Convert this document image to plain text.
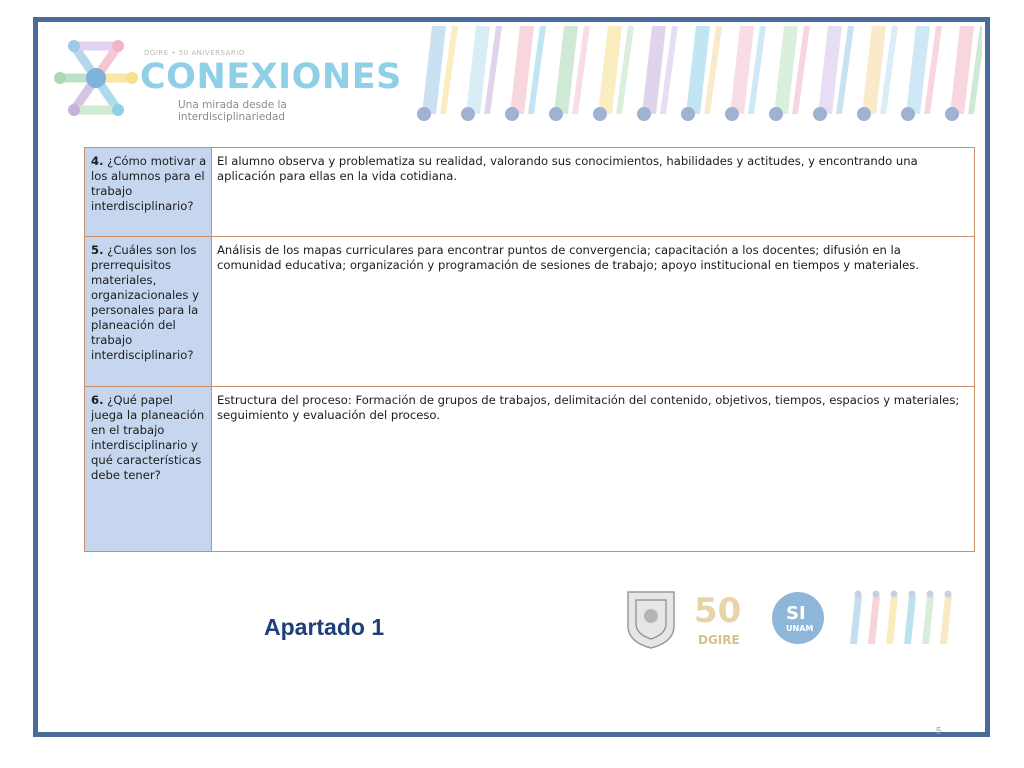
DGIRE • 50 ANIVERSARIO
CONEXIONES
Una mirada desde la interdisciplinariedad
4. ¿Cómo motivar a los alumnos para el trabajo interdisciplinario?	El alumno observa y problematiza su realidad, valorando sus conocimientos, habilidades y actitudes, y encontrando una aplicación para ellas en la vida cotidiana.
5. ¿Cuáles son los prerrequisitos materiales, organizacionales y personales para la planeación del trabajo interdisciplinario?	Análisis de los mapas curriculares para encontrar puntos de convergencia; capacitación a los docentes; difusión en la comunidad educativa; organización y programación de sesiones de trabajo; apoyo institucional en tiempos y materiales.
6. ¿Qué papel juega la planeación en el trabajo interdisciplinario y qué características debe tener?	Estructura del proceso: Formación de grupos de trabajos, delimitación del contenido, objetivos, tiempos, espacios y materiales; seguimiento y evaluación del proceso.
Apartado 1	50
DGIRE
SI
UNAM
5
